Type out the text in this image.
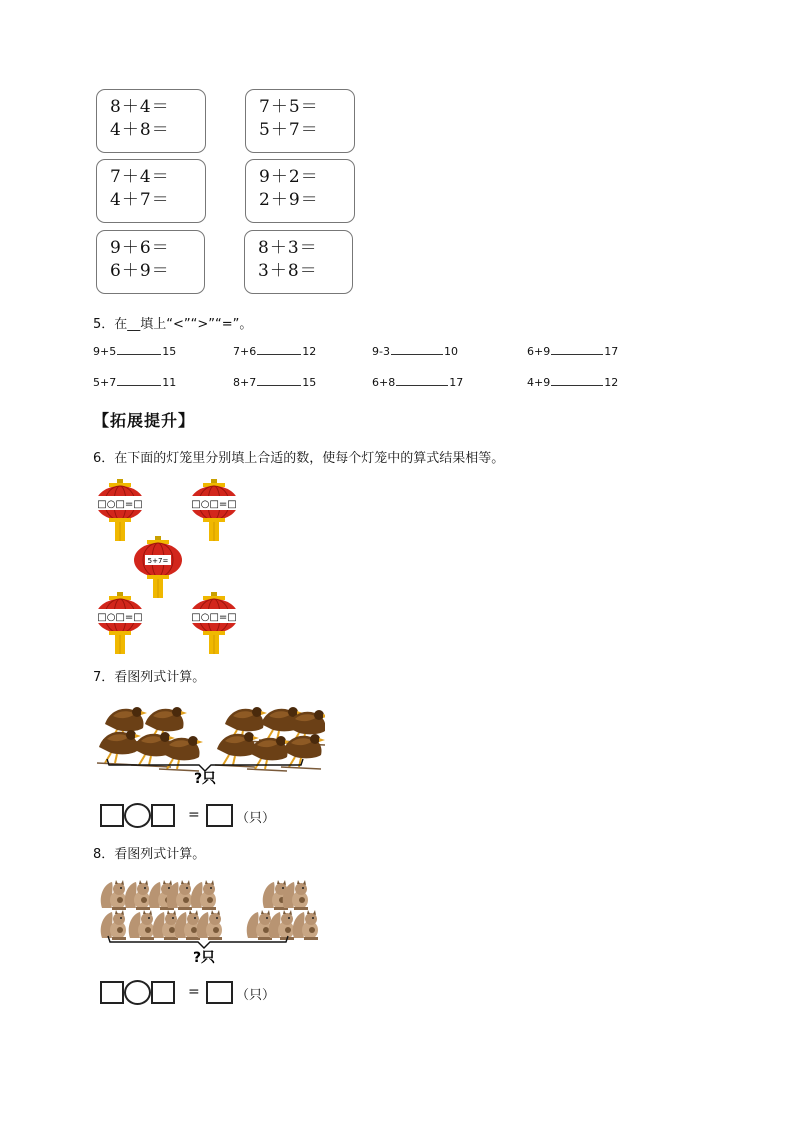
8＋4＝
4＋8＝
7＋5＝
5＋7＝
7＋4＝
4＋7＝
9＋2＝
2＋9＝
9＋6＝
6＋9＝
8＋3＝
3＋8＝
5．在__填上“<”“>”“=”。
9+5	15	7+6	12	9-3	10	6+9	17
5+7	11	8+7	15	6+8	17	4+9	12
【拓展提升】
6．在下面的灯笼里分别填上合适的数，使每个灯笼中的算式结果相等。
□○□=□	□○□=□
5+7=
□○□=□	□○□=□
7．看图列式计算。
?只
=	（只）
8．看图列式计算。
?只
=	（只）
